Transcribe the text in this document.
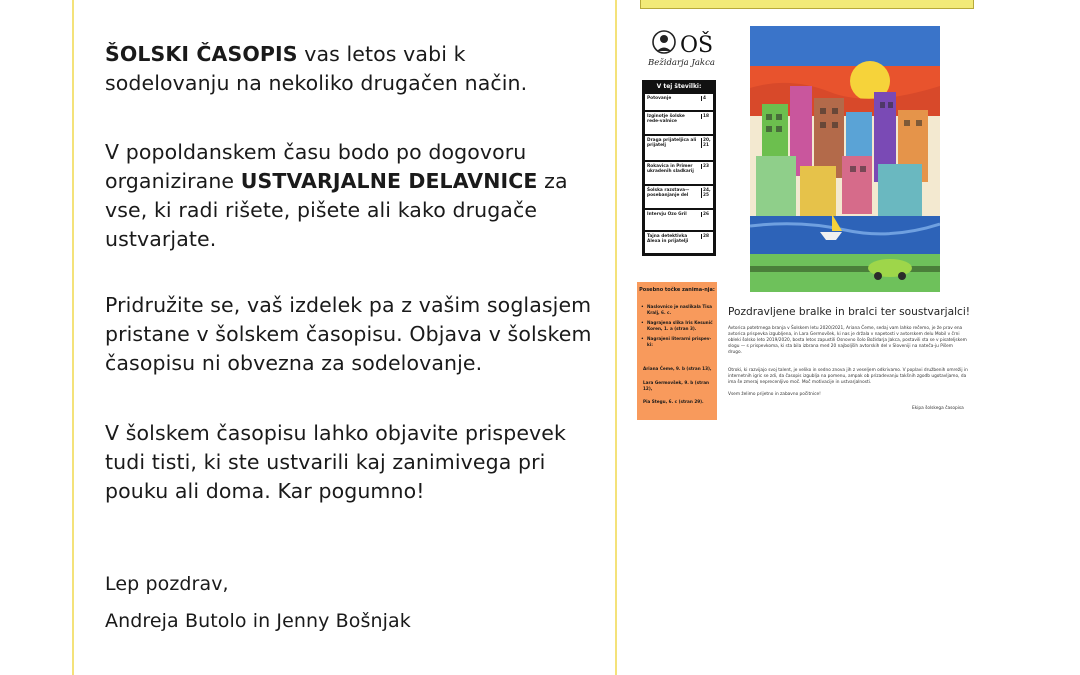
ŠOLSKI ČASOPIS vas letos vabi k sodelovanju na nekoliko drugačen način.

V popoldanskem času bodo po dogovoru organizirane USTVARJALNE DELAVNICE za vse, ki radi rišete, pišete ali kako drugače ustvarjate.

Pridružite se, vaš izdelek pa z vašim soglasjem pristane v šolskem časopisu. Objava v šolskem časopisu ni obvezna za sodelovanje.

V šolskem časopisu lahko objavite prispevek tudi tisti, ki ste ustvarili kaj zanimivega pri pouku ali doma. Kar pogumno!

Lep pozdrav,

Andreja Butolo in Jenny Bošnjak

OŠ
Bežidarja Jakca
V tej številki:
Potovanje	4
Izginotje šolske rede-valnice
18
Draga prijateljica ali prijatelj
20, 21
Rokavica in Primer ukradenih sladkarij
23
Šolska razstava—posebanjanje del
24, 25
Intervju Ozo Gril	26
Tajna detektivka Alexa in prijatelji
28
Posebno točke zanima-nja:
• Naslovnico je naslikala Tisa Kralj, 6. c.
• Nagrajena slika Iris Kesunić Koren, 1. a (stran 3).
• Nagrajeni literarni prispev-ki:
Ariana Čeme, 9. b (stran 13),
Lara Germovšek, 9. b (stran 12),
Pia Stegu, 6. c (stran 29).
Pozdravljene bralke in bralci ter soustvarjalci!
Avtorica potetrnega branja v Šolskem letu 2020/2021, Ariana Čeme, sedaj vam lahko rečemo, je že prav ena avtorica prispevka izgubljena, in Lara Germovšek, ki nas je držala v napetosti v avtorskem delu Mobil v črni obleki šolsko leto 2019/2020, bosta letos zapustili Osnovno šolo Božidarja Jakca, postavili sta se v pisateljskem slogu — s prispevkoma, ki sta bila izbrana med 20 najboljših avtorskih del v Sloveniji na nateča-ju Pišem drugo.
Otroki, ki razvijajo svoj talent, je veliko in sedno znova jih z veseljem odkrivamo. V poplavi družbenih omrežij in internetnih igric se zdi, da časopis izgublja na pomenu, ampak ob prizadevanju takšnih zgodb ugotavljamo, da ima še zmeraj neprecenljivo moč. Moč motivacije in ustvarjalnosti.
Vsem želimo prijetno in zabavno počitnice!
Ekipa šolskega časopisa
